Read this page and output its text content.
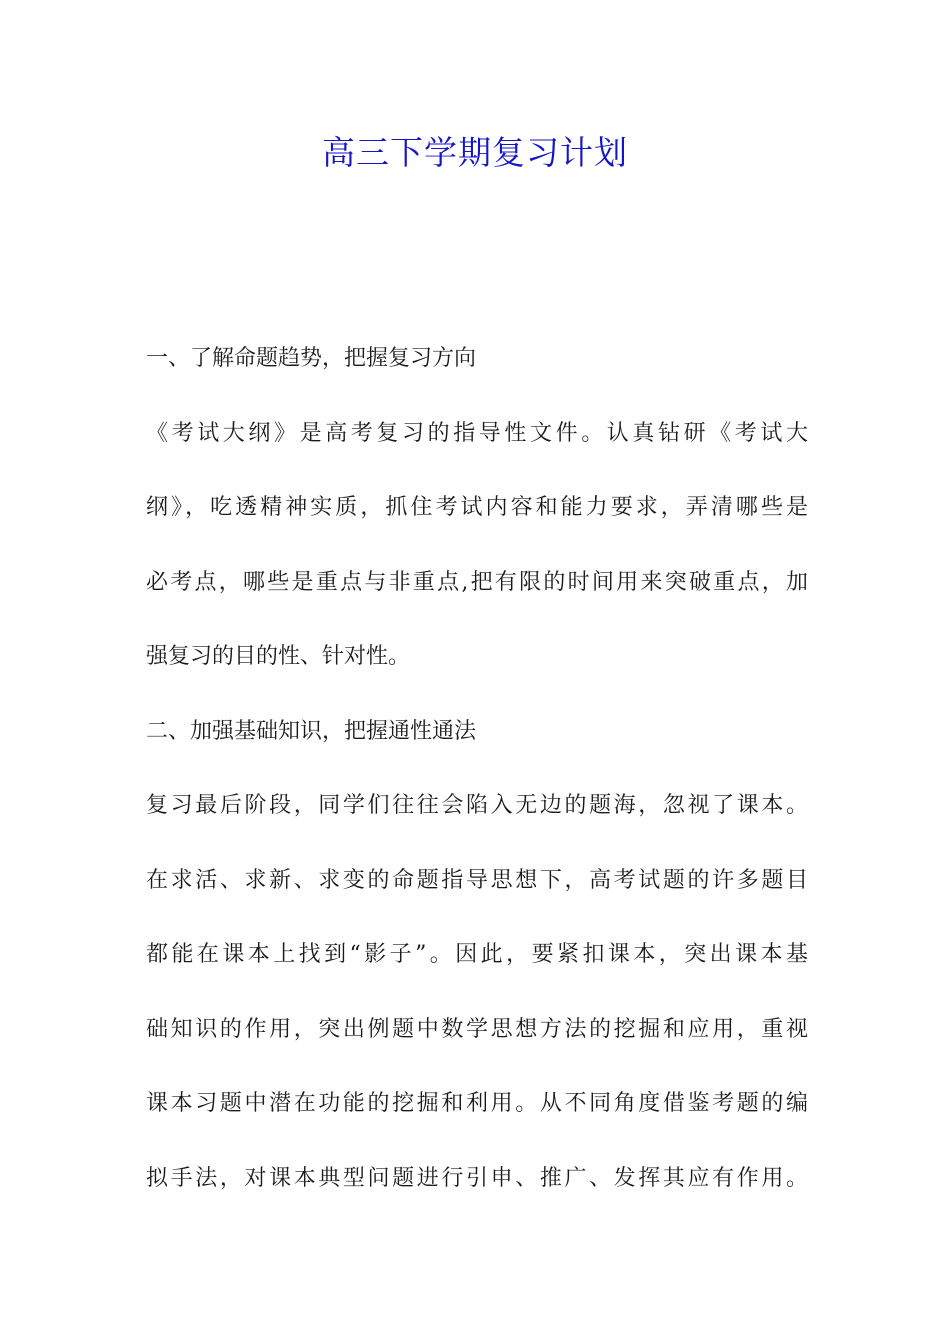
高三下学期复习计划
一、了解命题趋势，把握复习方向
《考试大纲》是高考复习的指导性文件。认真钻研《考试大
纲》，吃透精神实质，抓住考试内容和能力要求，弄清哪些是
必考点，哪些是重点与非重点,把有限的时间用来突破重点，加
强复习的目的性、针对性。
二、加强基础知识，把握通性通法
复习最后阶段，同学们往往会陷入无边的题海，忽视了课本。
在求活、求新、求变的命题指导思想下，高考试题的许多题目
都能在课本上找到“影子”。因此，要紧扣课本，突出课本基
础知识的作用，突出例题中数学思想方法的挖掘和应用，重视
课本习题中潜在功能的挖掘和利用。从不同角度借鉴考题的编
拟手法，对课本典型问题进行引申、推广、发挥其应有作用。
